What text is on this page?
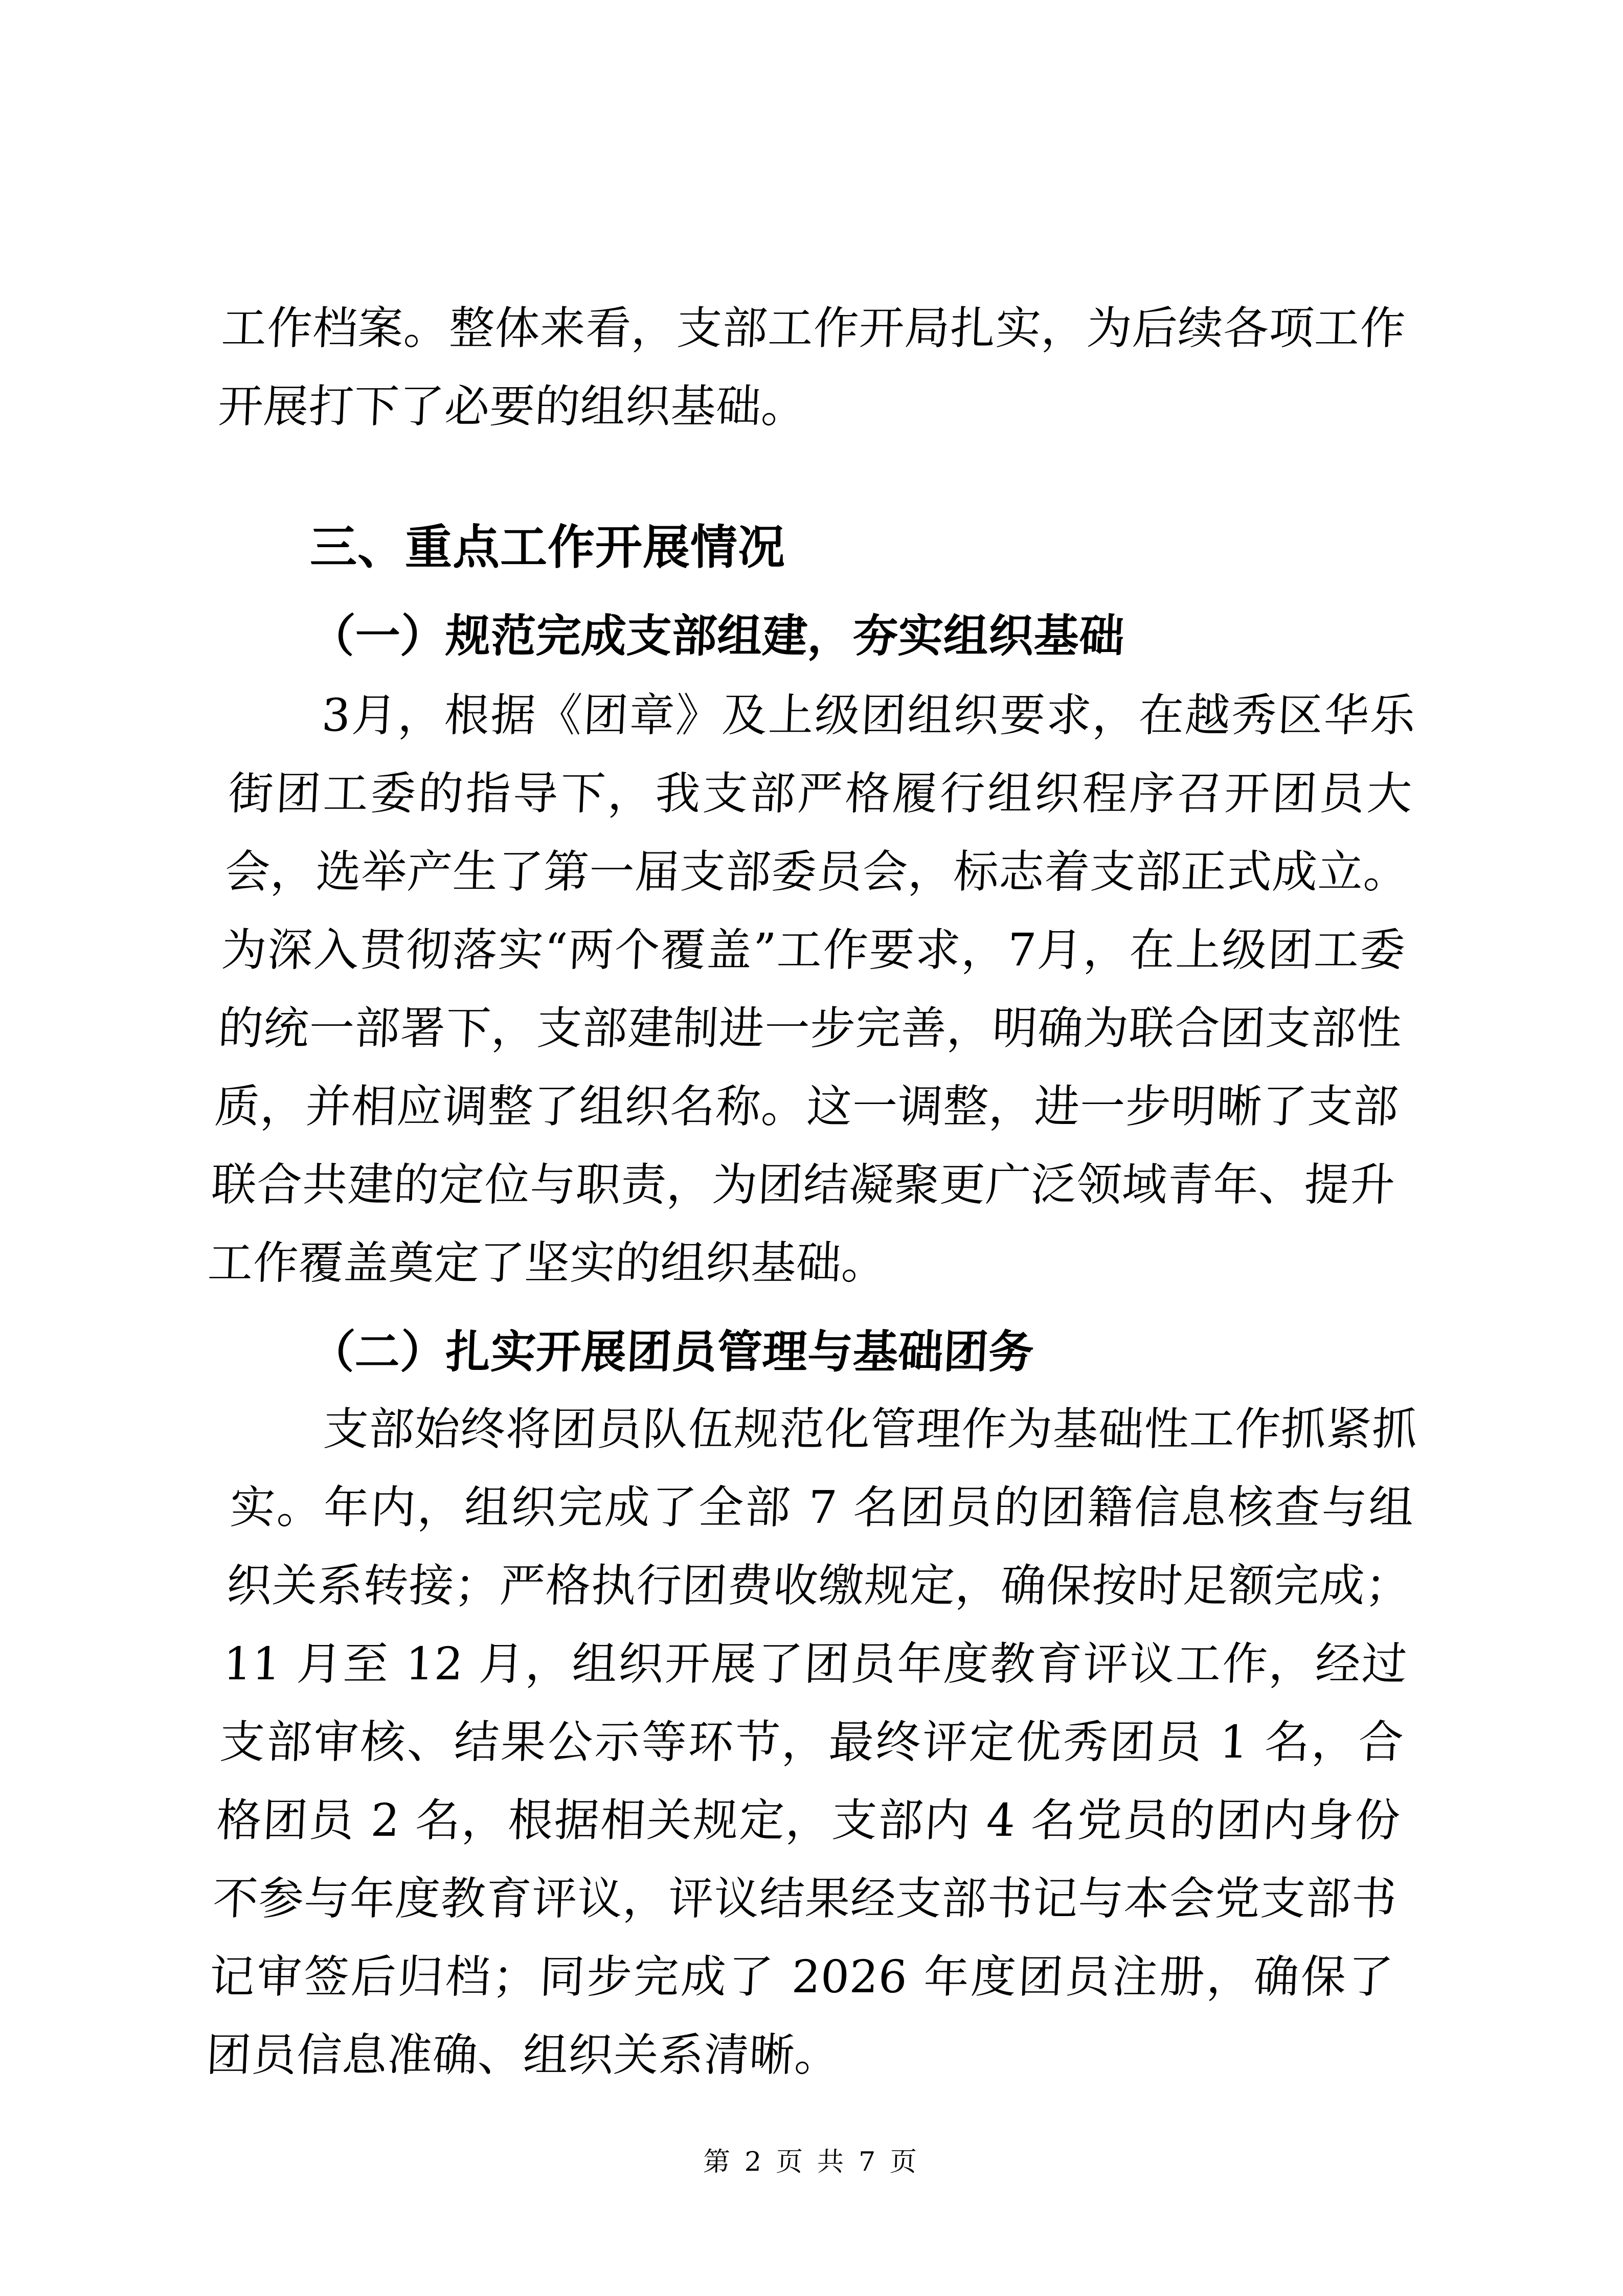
工作档案。整体来看，支部工作开局扎实，为后续各项工作开展打下了必要的组织基础。

三、重点工作开展情况
（一）规范完成支部组建，夯实组织基础

3月，根据《团章》及上级团组织要求，在越秀区华乐街团工委的指导下，我支部严格履行组织程序召开团员大会，选举产生了第一届支部委员会，标志着支部正式成立。为深入贯彻落实“两个覆盖”工作要求，7月，在上级团工委的统一部署下，支部建制进一步完善，明确为联合团支部性质，并相应调整了组织名称。这一调整，进一步明晰了支部联合共建的定位与职责，为团结凝聚更广泛领域青年、提升工作覆盖奠定了坚实的组织基础。

（二）扎实开展团员管理与基础团务

支部始终将团员队伍规范化管理作为基础性工作抓紧抓实。年内，组织完成了全部 7 名团员的团籍信息核查与组织关系转接；严格执行团费收缴规定，确保按时足额完成；11 月至 12 月，组织开展了团员年度教育评议工作，经过支部审核、结果公示等环节，最终评定优秀团员 1 名，合格团员 2 名，根据相关规定，支部内 4 名党员的团内身份不参与年度教育评议，评议结果经支部书记与本会党支部书记审签后归档；同步完成了 2026 年度团员注册，确保了团员信息准确、组织关系清晰。

第 2 页 共 7 页
